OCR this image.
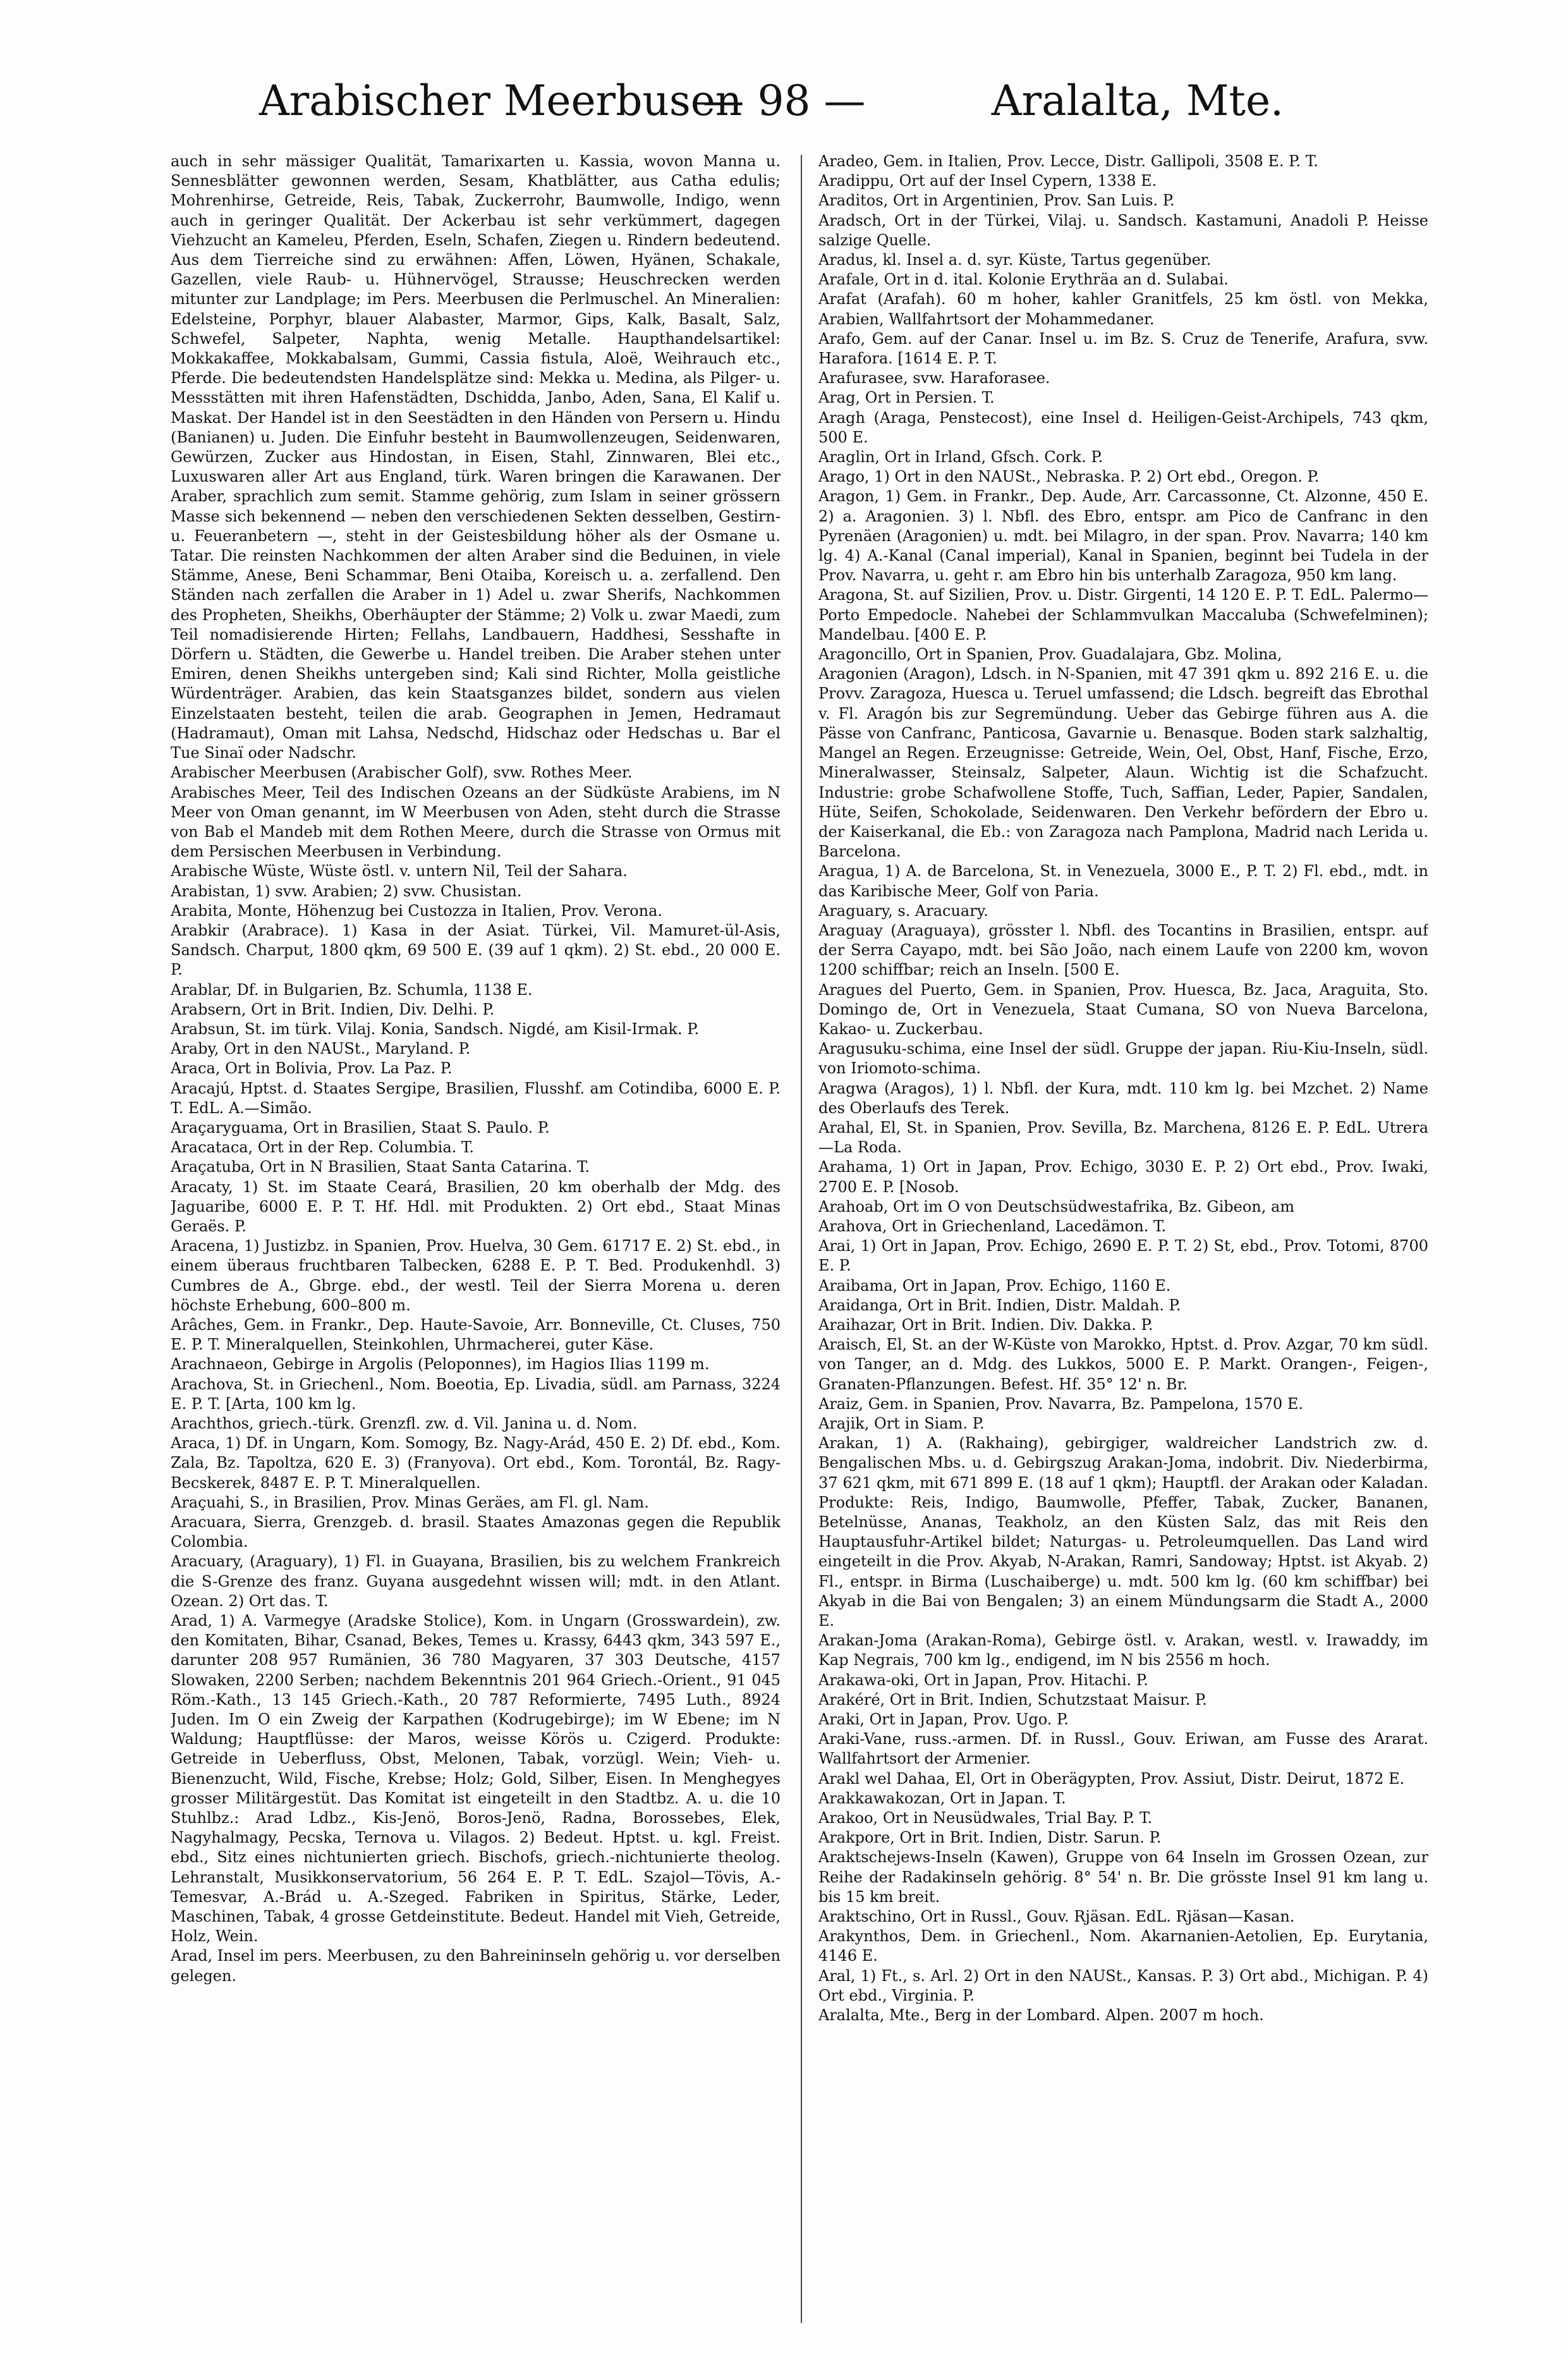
Arabischer Meerbusen
— 98 —	Aralalta, Mte.

auch in sehr mässiger Qualität, Tamarixarten u. Kassia, wovon Manna u. Sennesblätter gewonnen werden, Sesam, Khatblätter, aus Catha edulis; Mohrenhirse, Getreide, Reis, Tabak, Zuckerrohr, Baumwolle, Indigo, wenn auch in geringer Qualität. Der Ackerbau ist sehr verkümmert, dagegen Viehzucht an Kameleu, Pferden, Eseln, Schafen, Ziegen u. Rindern bedeutend. Aus dem Tierreiche sind zu erwähnen: Affen, Löwen, Hyänen, Schakale, Gazellen, viele Raub- u. Hühnervögel, Strausse; Heuschrecken werden mitunter zur Landplage; im Pers. Meerbusen die Perlmuschel. An Mineralien: Edelsteine, Porphyr, blauer Alabaster, Marmor, Gips, Kalk, Basalt, Salz, Schwefel, Salpeter, Naphta, wenig Metalle. Haupthandelsartikel: Mokkakaffee, Mokkabalsam, Gummi, Cassia fistula, Aloë, Weihrauch etc., Pferde. Die bedeutendsten Handelsplätze sind: Mekka u. Medina, als Pilger- u. Messstätten mit ihren Hafenstädten, Dschidda, Janbo, Aden, Sana, El Kalif u. Maskat. Der Handel ist in den Seestädten in den Händen von Persern u. Hindu (Banianen) u. Juden. Die Einfuhr besteht in Baumwollenzeugen, Seidenwaren, Gewürzen, Zucker aus Hindostan, in Eisen, Stahl, Zinnwaren, Blei etc., Luxuswaren aller Art aus England, türk. Waren bringen die Karawanen. Der Araber, sprachlich zum semit. Stamme gehörig, zum Islam in seiner grössern Masse sich bekennend — neben den verschiedenen Sekten desselben, Gestirn- u. Feueranbetern —, steht in der Geistesbildung höher als der Osmane u. Tatar. Die reinsten Nachkommen der alten Araber sind die Beduinen, in viele Stämme, Anese, Beni Schammar, Beni Otaiba, Koreisch u. a. zerfallend. Den Ständen nach zerfallen die Araber in 1) Adel u. zwar Sherifs, Nachkommen des Propheten, Sheikhs, Oberhäupter der Stämme; 2) Volk u. zwar Maedi, zum Teil nomadisierende Hirten; Fellahs, Landbauern, Haddhesi, Sesshafte in Dörfern u. Städten, die Gewerbe u. Handel treiben. Die Araber stehen unter Emiren, denen Sheikhs untergeben sind; Kali sind Richter, Molla geistliche Würdenträger. Arabien, das kein Staatsganzes bildet, sondern aus vielen Einzelstaaten besteht, teilen die arab. Geographen in Jemen, Hedramaut (Hadramaut), Oman mit Lahsa, Nedschd, Hidschaz oder Hedschas u. Bar el Tue Sinaï oder Nadschr.

Arabischer Meerbusen (Arabischer Golf), svw. Rothes Meer.

Arabisches Meer, Teil des Indischen Ozeans an der Südküste Arabiens, im N Meer von Oman genannt, im W Meerbusen von Aden, steht durch die Strasse von Bab el Mandeb mit dem Rothen Meere, durch die Strasse von Ormus mit dem Persischen Meerbusen in Verbindung.

Arabische Wüste, Wüste östl. v. untern Nil, Teil der Sahara.

Arabistan, 1) svw. Arabien; 2) svw. Chusistan.

Arabita, Monte, Höhenzug bei Custozza in Italien, Prov. Verona.

Arabkir (Arabrace). 1) Kasa in der Asiat. Türkei, Vil. Mamuret-ül-Asis, Sandsch. Charput, 1800 qkm, 69 500 E. (39 auf 1 qkm). 2) St. ebd., 20 000 E. P.

Arablar, Df. in Bulgarien, Bz. Schumla, 1138 E.

Arabsern, Ort in Brit. Indien, Div. Delhi. P.

Arabsun, St. im türk. Vilaj. Konia, Sandsch. Nigdé, am Kisil-Irmak. P.

Araby, Ort in den NAUSt., Maryland. P.

Araca, Ort in Bolivia, Prov. La Paz. P.

Aracajú, Hptst. d. Staates Sergipe, Brasilien, Flusshf. am Cotindiba, 6000 E. P. T. EdL. A.—Simão.

Araçaryguama, Ort in Brasilien, Staat S. Paulo. P.

Aracataca, Ort in der Rep. Columbia. T.

Araçatuba, Ort in N Brasilien, Staat Santa Catarina. T.

Aracaty, 1) St. im Staate Ceará, Brasilien, 20 km oberhalb der Mdg. des Jaguaribe, 6000 E. P. T. Hf. Hdl. mit Produkten. 2) Ort ebd., Staat Minas Geraës. P.

Aracena, 1) Justizbz. in Spanien, Prov. Huelva, 30 Gem. 61717 E. 2) St. ebd., in einem überaus fruchtbaren Talbecken, 6288 E. P. T. Bed. Produkenhdl. 3) Cumbres de A., Gbrge. ebd., der westl. Teil der Sierra Morena u. deren höchste Erhebung, 600–800 m.

Arâches, Gem. in Frankr., Dep. Haute-Savoie, Arr. Bonneville, Ct. Cluses, 750 E. P. T. Mineralquellen, Steinkohlen, Uhrmacherei, guter Käse.

Arachnaeon, Gebirge in Argolis (Peloponnes), im Hagios Ilias 1199 m.

Arachova, St. in Griechenl., Nom. Boeotia, Ep. Livadia, südl. am Parnass, 3224 E. P. T. [Arta, 100 km lg.

Arachthos, griech.-türk. Grenzfl. zw. d. Vil. Janina u. d. Nom.

Araca, 1) Df. in Ungarn, Kom. Somogy, Bz. Nagy-Arád, 450 E. 2) Df. ebd., Kom. Zala, Bz. Tapoltza, 620 E. 3) (Franyova). Ort ebd., Kom. Torontál, Bz. Ragy-Becskerek, 8487 E. P. T. Mineralquellen.

Araçuahi, S., in Brasilien, Prov. Minas Geräes, am Fl. gl. Nam.

Aracuara, Sierra, Grenzgeb. d. brasil. Staates Amazonas gegen die Republik Colombia.

Aracuary, (Araguary), 1) Fl. in Guayana, Brasilien, bis zu welchem Frankreich die S-Grenze des franz. Guyana ausgedehnt wissen will; mdt. in den Atlant. Ozean. 2) Ort das. T.

Arad, 1) A. Varmegye (Aradske Stolice), Kom. in Ungarn (Grosswardein), zw. den Komitaten, Bihar, Csanad, Bekes, Temes u. Krassy, 6443 qkm, 343 597 E., darunter 208 957 Rumänien, 36 780 Magyaren, 37 303 Deutsche, 4157 Slowaken, 2200 Serben; nachdem Bekenntnis 201 964 Griech.-Orient., 91 045 Röm.-Kath., 13 145 Griech.-Kath., 20 787 Reformierte, 7495 Luth., 8924 Juden. Im O ein Zweig der Karpathen (Kodrugebirge); im W Ebene; im N Waldung; Hauptflüsse: der Maros, weisse Körös u. Czigerd. Produkte: Getreide in Ueberfluss, Obst, Melonen, Tabak, vorzügl. Wein; Vieh- u. Bienenzucht, Wild, Fische, Krebse; Holz; Gold, Silber, Eisen. In Menghegyes grosser Militärgestüt. Das Komitat ist eingeteilt in den Stadtbz. A. u. die 10 Stuhlbz.: Arad Ldbz., Kis-Jenö, Boros-Jenö, Radna, Borossebes, Elek, Nagyhalmagy, Pecska, Ternova u. Vilagos. 2) Bedeut. Hptst. u. kgl. Freist. ebd., Sitz eines nichtunierten griech. Bischofs, griech.-nichtunierte theolog. Lehranstalt, Musikkonservatorium, 56 264 E. P. T. EdL. Szajol—Tövis, A.-Temesvar, A.-Brád u. A.-Szeged. Fabriken in Spiritus, Stärke, Leder, Maschinen, Tabak, 4 grosse Getdeinstitute. Bedeut. Handel mit Vieh, Getreide, Holz, Wein.

Arad, Insel im pers. Meerbusen, zu den Bahreininseln gehörig u. vor derselben gelegen.

Aradeo, Gem. in Italien, Prov. Lecce, Distr. Gallipoli, 3508 E. P. T.

Aradippu, Ort auf der Insel Cypern, 1338 E.

Araditos, Ort in Argentinien, Prov. San Luis. P.

Aradsch, Ort in der Türkei, Vilaj. u. Sandsch. Kastamuni, Anadoli P. Heisse salzige Quelle.

Aradus, kl. Insel a. d. syr. Küste, Tartus gegenüber.

Arafale, Ort in d. ital. Kolonie Erythräa an d. Sulabai.

Arafat (Arafah). 60 m hoher, kahler Granitfels, 25 km östl. von Mekka, Arabien, Wallfahrtsort der Mohammedaner.

Arafo, Gem. auf der Canar. Insel u. im Bz. S. Cruz de Tenerife, Arafura, svw. Harafora. [1614 E. P. T.

Arafurasee, svw. Haraforasee.

Arag, Ort in Persien. T.

Aragh (Araga, Penstecost), eine Insel d. Heiligen-Geist-Archipels, 743 qkm, 500 E.

Araglin, Ort in Irland, Gfsch. Cork. P.

Arago, 1) Ort in den NAUSt., Nebraska. P. 2) Ort ebd., Oregon. P.

Aragon, 1) Gem. in Frankr., Dep. Aude, Arr. Carcassonne, Ct. Alzonne, 450 E. 2) a. Aragonien. 3) l. Nbfl. des Ebro, entspr. am Pico de Canfranc in den Pyrenäen (Aragonien) u. mdt. bei Milagro, in der span. Prov. Navarra; 140 km lg. 4) A.-Kanal (Canal imperial), Kanal in Spanien, beginnt bei Tudela in der Prov. Navarra, u. geht r. am Ebro hin bis unterhalb Zaragoza, 950 km lang.

Aragona, St. auf Sizilien, Prov. u. Distr. Girgenti, 14 120 E. P. T. EdL. Palermo—Porto Empedocle. Nahebei der Schlammvulkan Maccaluba (Schwefelminen); Mandelbau. [400 E. P.

Aragoncillo, Ort in Spanien, Prov. Guadalajara, Gbz. Molina,

Aragonien (Aragon), Ldsch. in N-Spanien, mit 47 391 qkm u. 892 216 E. u. die Provv. Zaragoza, Huesca u. Teruel umfassend; die Ldsch. begreift das Ebrothal v. Fl. Aragón bis zur Segremündung. Ueber das Gebirge führen aus A. die Pässe von Canfranc, Panticosa, Gavarnie u. Benasque. Boden stark salzhaltig, Mangel an Regen. Erzeugnisse: Getreide, Wein, Oel, Obst, Hanf, Fische, Erzo, Mineralwasser, Steinsalz, Salpeter, Alaun. Wichtig ist die Schafzucht. Industrie: grobe Schafwollene Stoffe, Tuch, Saffian, Leder, Papier, Sandalen, Hüte, Seifen, Schokolade, Seidenwaren. Den Verkehr befördern der Ebro u. der Kaiserkanal, die Eb.: von Zaragoza nach Pamplona, Madrid nach Lerida u. Barcelona.

Aragua, 1) A. de Barcelona, St. in Venezuela, 3000 E., P. T. 2) Fl. ebd., mdt. in das Karibische Meer, Golf von Paria.

Araguary, s. Aracuary.

Araguay (Araguaya), grösster l. Nbfl. des Tocantins in Brasilien, entspr. auf der Serra Cayapo, mdt. bei São João, nach einem Laufe von 2200 km, wovon 1200 schiffbar; reich an Inseln. [500 E.

Aragues del Puerto, Gem. in Spanien, Prov. Huesca, Bz. Jaca, Araguita, Sto. Domingo de, Ort in Venezuela, Staat Cumana, SO von Nueva Barcelona, Kakao- u. Zuckerbau.

Aragusuku-schima, eine Insel der südl. Gruppe der japan. Riu-Kiu-Inseln, südl. von Iriomoto-schima.

Aragwa (Aragos), 1) l. Nbfl. der Kura, mdt. 110 km lg. bei Mzchet. 2) Name des Oberlaufs des Terek.

Arahal, El, St. in Spanien, Prov. Sevilla, Bz. Marchena, 8126 E. P. EdL. Utrera—La Roda.

Arahama, 1) Ort in Japan, Prov. Echigo, 3030 E. P. 2) Ort ebd., Prov. Iwaki, 2700 E. P. [Nosob.

Arahoab, Ort im O von Deutschsüdwestafrika, Bz. Gibeon, am

Arahova, Ort in Griechenland, Lacedämon. T.

Arai, 1) Ort in Japan, Prov. Echigo, 2690 E. P. T. 2) St, ebd., Prov. Totomi, 8700 E. P.

Araibama, Ort in Japan, Prov. Echigo, 1160 E.

Araidanga, Ort in Brit. Indien, Distr. Maldah. P.

Araihazar, Ort in Brit. Indien. Div. Dakka. P.

Araisch, El, St. an der W-Küste von Marokko, Hptst. d. Prov. Azgar, 70 km südl. von Tanger, an d. Mdg. des Lukkos, 5000 E. P. Markt. Orangen-, Feigen-, Granaten-Pflanzungen. Befest. Hf. 35° 12' n. Br.

Araiz, Gem. in Spanien, Prov. Navarra, Bz. Pampelona, 1570 E.

Arajik, Ort in Siam. P.

Arakan, 1) A. (Rakhaing), gebirgiger, waldreicher Landstrich zw. d. Bengalischen Mbs. u. d. Gebirgszug Arakan-Joma, indobrit. Div. Niederbirma, 37 621 qkm, mit 671 899 E. (18 auf 1 qkm); Hauptfl. der Arakan oder Kaladan. Produkte: Reis, Indigo, Baumwolle, Pfeffer, Tabak, Zucker, Bananen, Betelnüsse, Ananas, Teakholz, an den Küsten Salz, das mit Reis den Hauptausfuhr-Artikel bildet; Naturgas- u. Petroleumquellen. Das Land wird eingeteilt in die Prov. Akyab, N-Arakan, Ramri, Sandoway; Hptst. ist Akyab. 2) Fl., entspr. in Birma (Luschaiberge) u. mdt. 500 km lg. (60 km schiffbar) bei Akyab in die Bai von Bengalen; 3) an einem Mündungsarm die Stadt A., 2000 E.

Arakan-Joma (Arakan-Roma), Gebirge östl. v. Arakan, westl. v. Irawaddy, im Kap Negrais, 700 km lg., endigend, im N bis 2556 m hoch.

Arakawa-oki, Ort in Japan, Prov. Hitachi. P.

Arakéré, Ort in Brit. Indien, Schutzstaat Maisur. P.

Araki, Ort in Japan, Prov. Ugo. P.

Araki-Vane, russ.-armen. Df. in Russl., Gouv. Eriwan, am Fusse des Ararat. Wallfahrtsort der Armenier.

Arakl wel Dahaa, El, Ort in Oberägypten, Prov. Assiut, Distr. Deirut, 1872 E.

Arakkawakozan, Ort in Japan. T.

Arakoo, Ort in Neusüdwales, Trial Bay. P. T.

Arakpore, Ort in Brit. Indien, Distr. Sarun. P.

Araktschejews-Inseln (Kawen), Gruppe von 64 Inseln im Grossen Ozean, zur Reihe der Radakinseln gehörig. 8° 54' n. Br. Die grösste Insel 91 km lang u. bis 15 km breit.

Araktschino, Ort in Russl., Gouv. Rjäsan. EdL. Rjäsan—Kasan.

Arakynthos, Dem. in Griechenl., Nom. Akarnanien-Aetolien, Ep. Eurytania, 4146 E.

Aral, 1) Ft., s. Arl. 2) Ort in den NAUSt., Kansas. P. 3) Ort abd., Michigan. P. 4) Ort ebd., Virginia. P.

Aralalta, Mte., Berg in der Lombard. Alpen. 2007 m hoch.
